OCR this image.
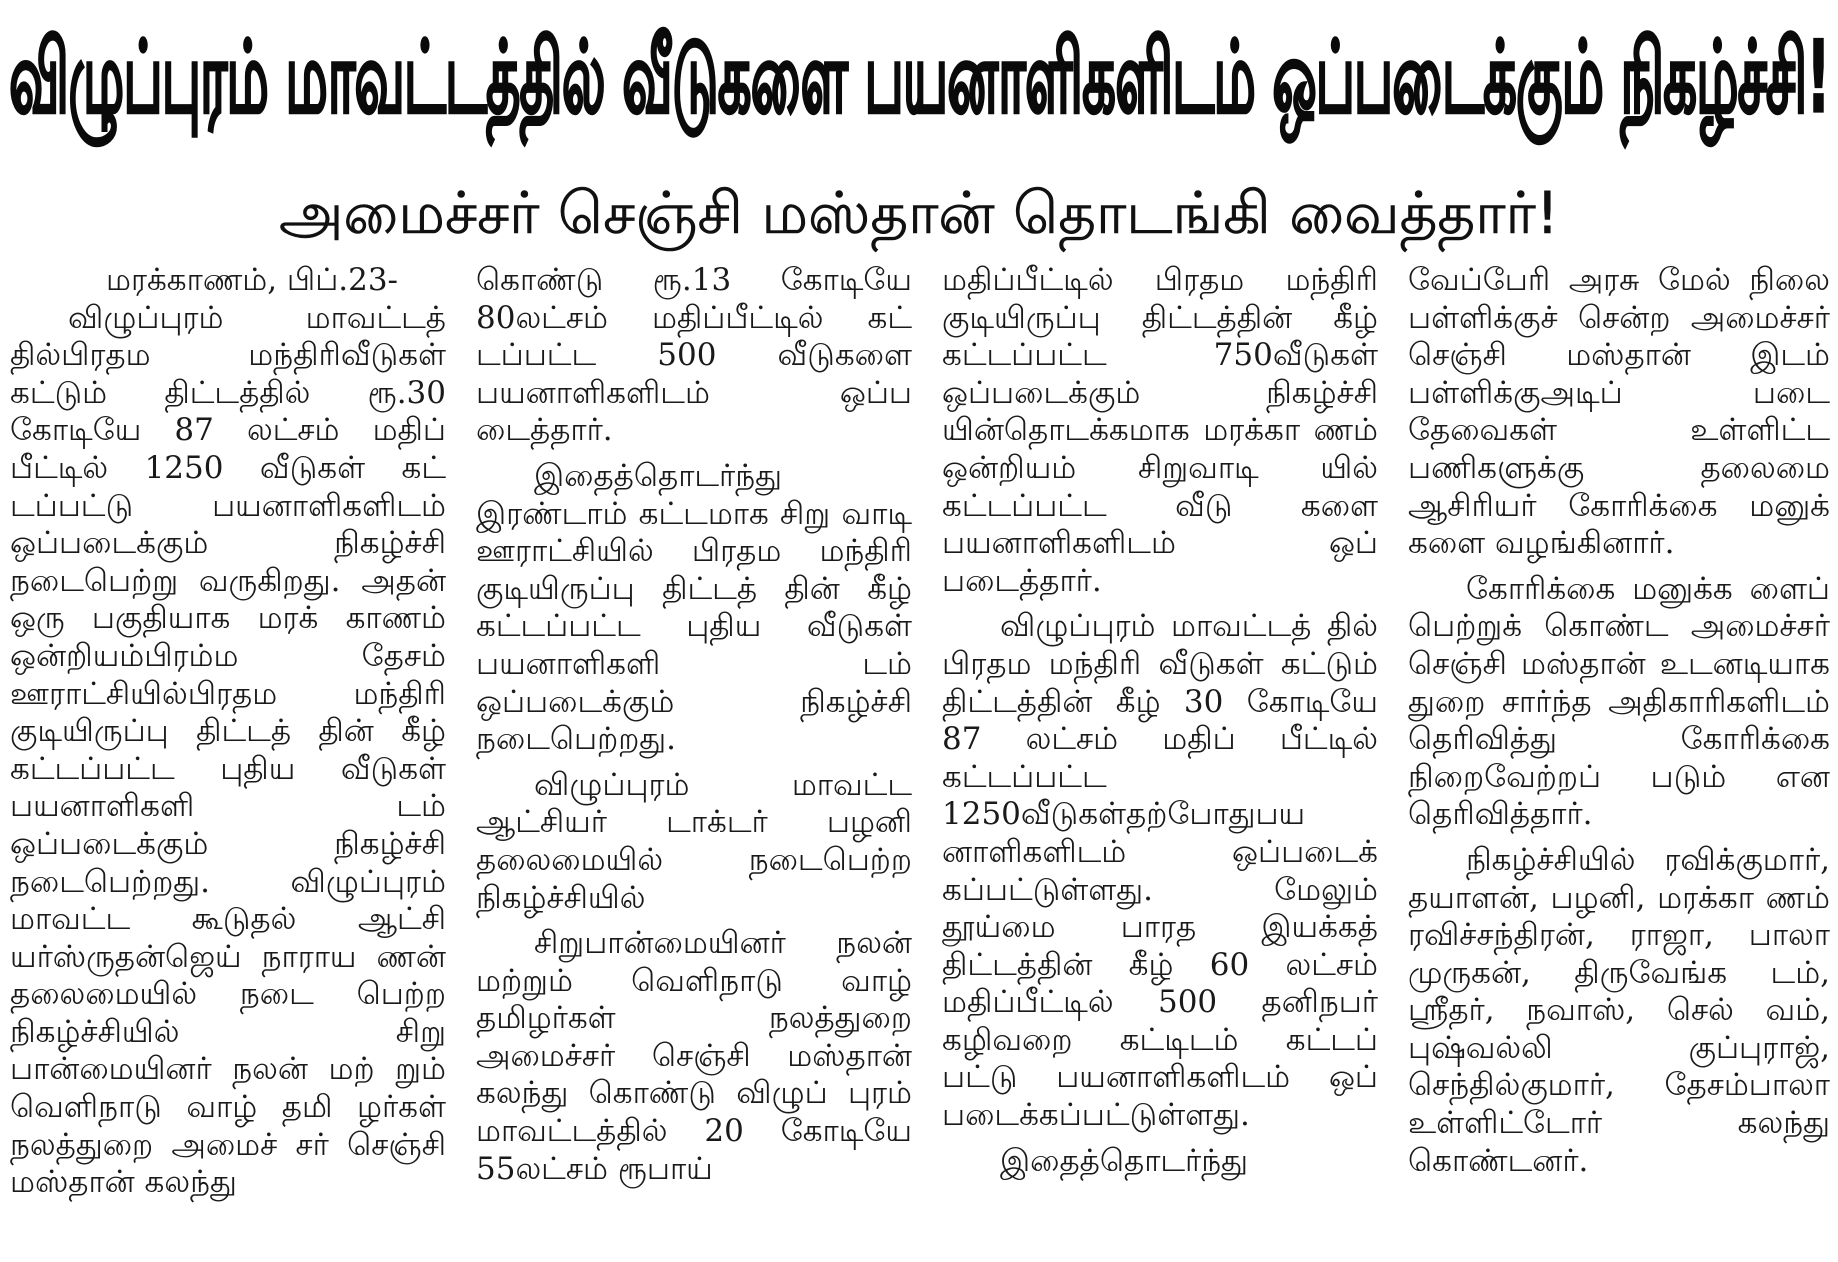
விழுப்புரம் மாவட்டத்தில் வீடுகளை பயனாளிகளிடம் ஒப்படைக்கும் நிகழ்ச்சி!
அமைச்சர் செஞ்சி மஸ்தான் தொடங்கி வைத்தார்!

மரக்காணம், பிப்.23-

விழுப்புரம் மாவட்டத் தில்பிரதம மந்திரிவீடுகள் கட்டும் திட்டத்தில் ரூ.30 கோடியே 87 லட்சம் மதிப் பீட்டில் 1250 வீடுகள் கட் டப்பட்டு பயனாளிகளிடம் ஒப்படைக்கும் நிகழ்ச்சி நடைபெற்று வருகிறது. அதன் ஒரு பகுதியாக மரக் காணம் ஒன்றியம்பிரம்ம தேசம் ஊராட்சியில்பிரதம மந்திரி குடியிருப்பு திட்டத் தின் கீழ் கட்டப்பட்ட புதிய வீடுகள் பயனாளிகளி டம் ஒப்படைக்கும் நிகழ்ச்சி நடைபெற்றது. விழுப்புரம் மாவட்ட கூடுதல் ஆட்சி யர்ஸ்ருதன்ஜெய் நாராய ணன் தலைமையில் நடை பெற்ற நிகழ்ச்சியில் சிறு பான்மையினர் நலன் மற் றும் வெளிநாடு வாழ் தமி ழர்கள் நலத்துறை அமைச் சர் செஞ்சி மஸ்தான் கலந்து

கொண்டு ரூ.13 கோடியே 80லட்சம் மதிப்பீட்டில் கட் டப்பட்ட 500 வீடுகளை பயனாளிகளிடம் ஒப்ப டைத்தார்.

இதைத்தொடர்ந்து இரண்டாம் கட்டமாக சிறு வாடி ஊராட்சியில் பிரதம மந்திரி குடியிருப்பு திட்டத் தின் கீழ் கட்டப்பட்ட புதிய வீடுகள் பயனாளிகளி டம் ஒப்படைக்கும் நிகழ்ச்சி நடைபெற்றது.

விழுப்புரம் மாவட்ட ஆட்சியர் டாக்டர் பழனி தலைமையில் நடைபெற்ற நிகழ்ச்சியில்

சிறுபான்மையினர் நலன் மற்றும் வெளிநாடு வாழ் தமிழர்கள் நலத்துறை அமைச்சர் செஞ்சி மஸ்தான் கலந்து கொண்டு விழுப் புரம் மாவட்டத்தில் 20 கோடியே 55லட்சம் ரூபாய்

மதிப்பீட்டில் பிரதம மந்திரி குடியிருப்பு திட்டத்தின் கீழ் கட்டப்பட்ட 750வீடுகள் ஒப்படைக்கும் நிகழ்ச்சி யின்தொடக்கமாக மரக்கா ணம் ஒன்றியம் சிறுவாடி யில் கட்டப்பட்ட வீடு களை பயனாளிகளிடம் ஒப் படைத்தார்.

விழுப்புரம் மாவட்டத் தில் பிரதம மந்திரி வீடுகள் கட்டும் திட்டத்தின் கீழ் 30 கோடியே 87 லட்சம் மதிப் பீட்டில் கட்டப்பட்ட 1250வீடுகள்தற்போதுபய னாளிகளிடம் ஒப்படைக் கப்பட்டுள்ளது. மேலும் தூய்மை பாரத இயக்கத் திட்டத்தின் கீழ் 60 லட்சம் மதிப்பீட்டில் 500 தனிநபர் கழிவறை கட்டிடம் கட்டப் பட்டு பயனாளிகளிடம் ஒப் படைக்கப்பட்டுள்ளது.

இதைத்தொடர்ந்து

வேப்பேரி அரசு மேல் நிலை பள்ளிக்குச் சென்ற அமைச்சர் செஞ்சி மஸ்தான் இடம் பள்ளிக்குஅடிப் படை தேவைகள் உள்ளிட்ட பணிகளுக்கு தலைமை ஆசிரியர் கோரிக்கை மனுக் களை வழங்கினார்.

கோரிக்கை மனுக்க ளைப் பெற்றுக் கொண்ட அமைச்சர் செஞ்சி மஸ்தான் உடனடியாக துறை சார்ந்த அதிகாரிகளிடம் தெரிவித்து கோரிக்கை நிறைவேற்றப் படும் என தெரிவித்தார்.

நிகழ்ச்சியில் ரவிக்குமார், தயாளன், பழனி, மரக்கா ணம் ரவிச்சந்திரன், ராஜா, பாலா முருகன், திருவேங்க டம், ஸ்ரீதர், நவாஸ், செல் வம், புஷ்வல்லி குப்புராஜ், செந்தில்குமார், தேசம்பாலா உள்ளிட்டோர் கலந்து கொண்டனர்.
